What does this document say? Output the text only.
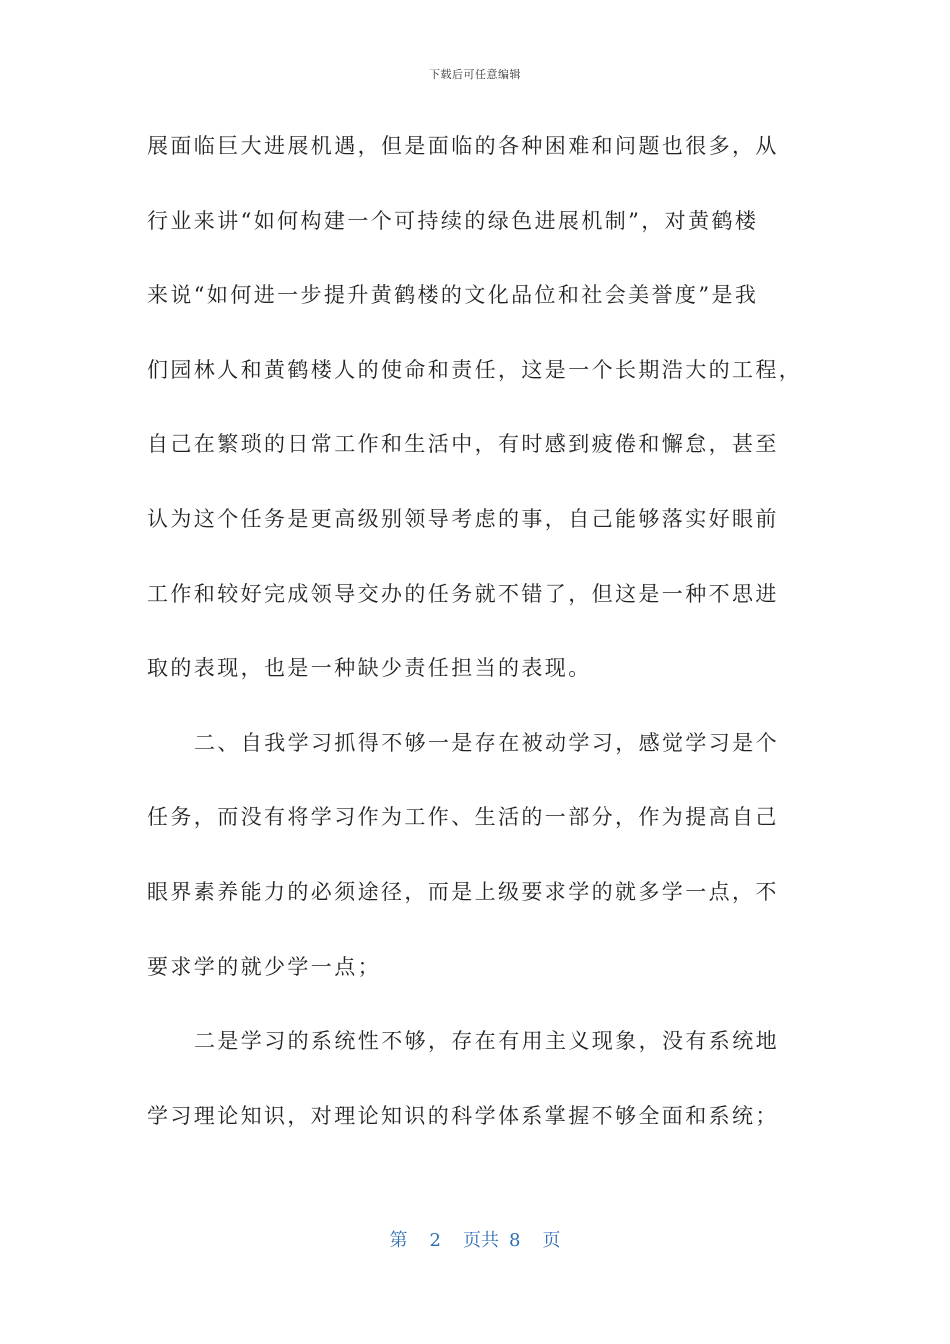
下载后可任意编辑
展面临巨大进展机遇，但是面临的各种困难和问题也很多，从
行业来讲“如何构建一个可持续的绿色进展机制”，对黄鹤楼
来说“如何进一步提升黄鹤楼的文化品位和社会美誉度”是我
们园林人和黄鹤楼人的使命和责任，这是一个长期浩大的工程，
自己在繁琐的日常工作和生活中，有时感到疲倦和懈怠，甚至
认为这个任务是更高级别领导考虑的事，自己能够落实好眼前
工作和较好完成领导交办的任务就不错了，但这是一种不思进
取的表现，也是一种缺少责任担当的表现。
二、自我学习抓得不够一是存在被动学习，感觉学习是个
任务，而没有将学习作为工作、生活的一部分，作为提高自己
眼界素养能力的必须途径，而是上级要求学的就多学一点，不
要求学的就少学一点；
二是学习的系统性不够，存在有用主义现象，没有系统地
学习理论知识，对理论知识的科学体系掌握不够全面和系统；
第 2 页共 8 页
